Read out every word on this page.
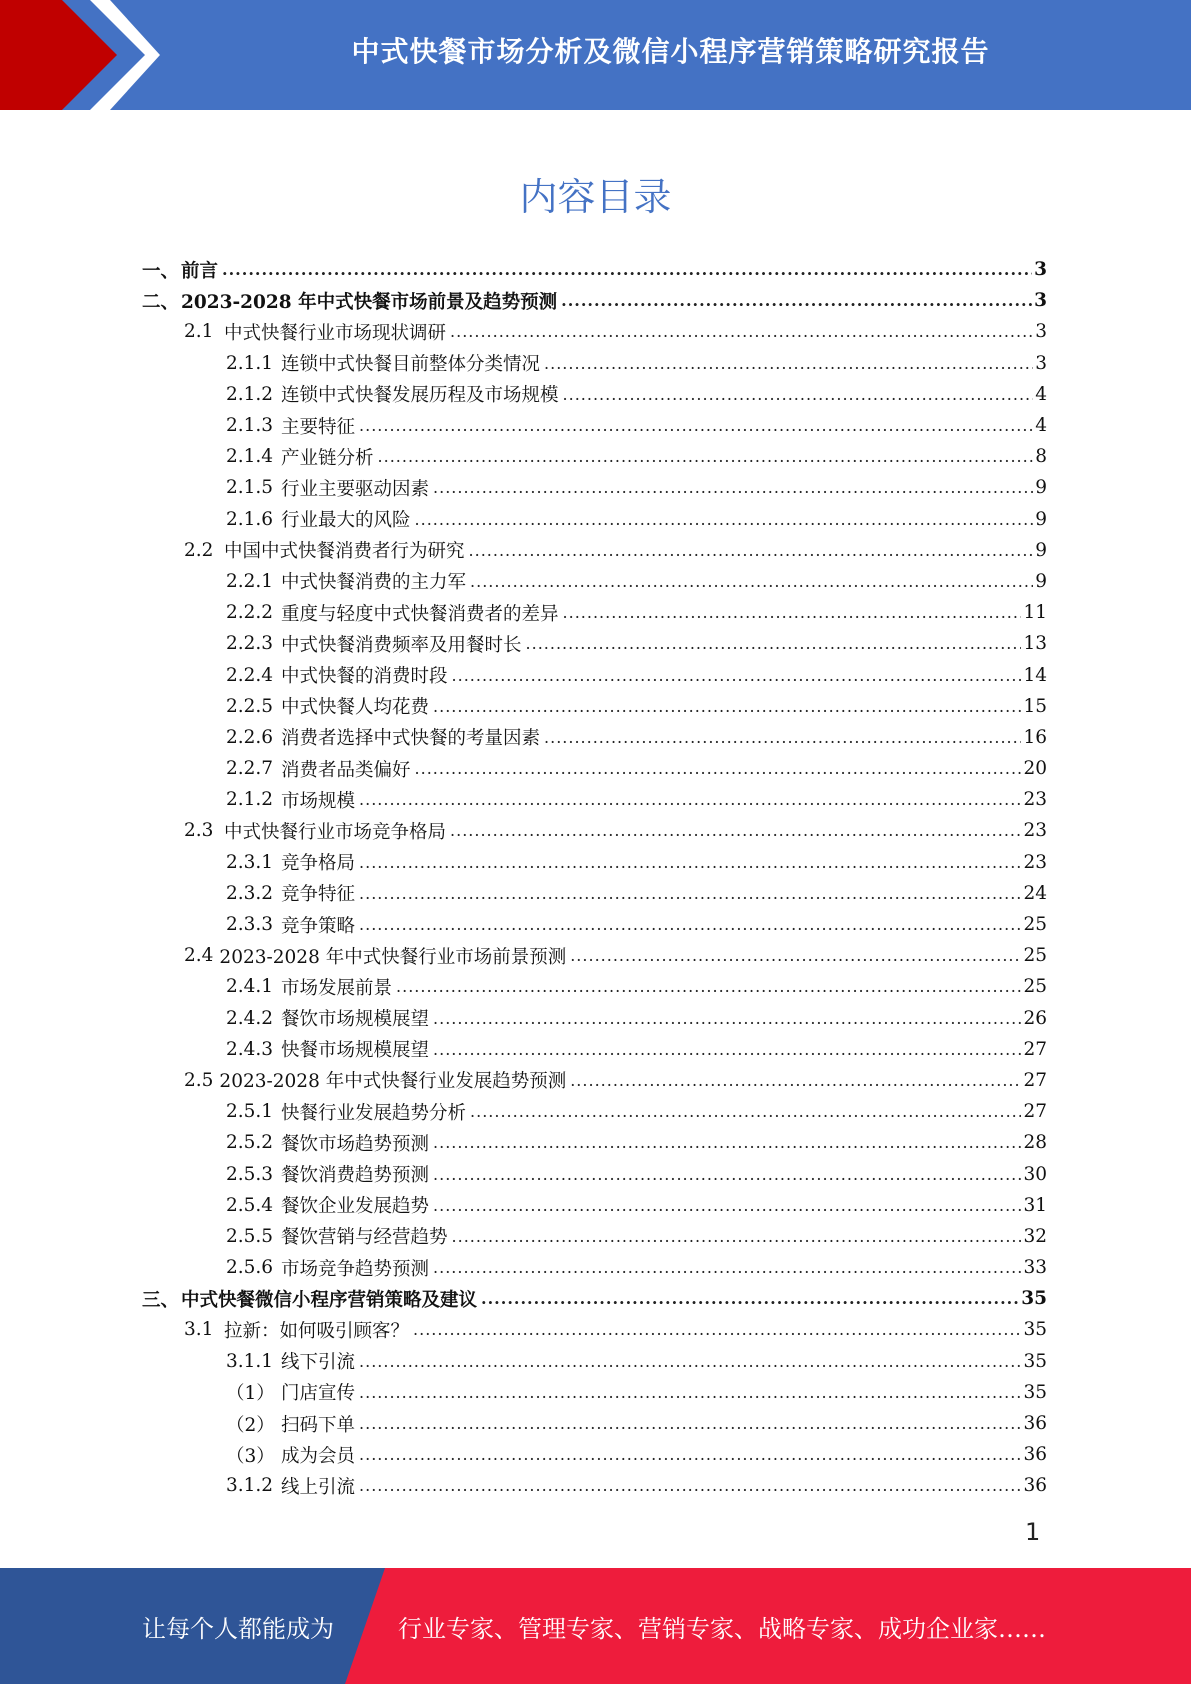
中式快餐市场分析及微信小程序营销策略研究报告
内容目录
一、 前言 .....	3
二、 2023-2028 年中式快餐市场前景及趋势预测 .....	3
2.1 中式快餐行业市场现状调研 .....	3
2.1.1 连锁中式快餐目前整体分类情况 .....	3
2.1.2 连锁中式快餐发展历程及市场规模 .....	4
2.1.3 主要特征 .....	4
2.1.4 产业链分析 .....	8
2.1.5 行业主要驱动因素 .....	9
2.1.6 行业最大的风险 .....	9
2.2 中国中式快餐消费者行为研究 .....	9
2.2.1 中式快餐消费的主力军 .....	9
2.2.2 重度与轻度中式快餐消费者的差异 .....	11
2.2.3 中式快餐消费频率及用餐时长 .....	13
2.2.4 中式快餐的消费时段 .....	14
2.2.5 中式快餐人均花费 .....	15
2.2.6 消费者选择中式快餐的考量因素 .....	16
2.2.7 消费者品类偏好 .....	20
2.1.2 市场规模 .....	23
2.3 中式快餐行业市场竞争格局 .....	23
2.3.1 竞争格局 .....	23
2.3.2 竞争特征 .....	24
2.3.3 竞争策略 .....	25
2.4 2023-2028 年中式快餐行业市场前景预测 .....	25
2.4.1 市场发展前景 .....	25
2.4.2 餐饮市场规模展望 .....	26
2.4.3 快餐市场规模展望 .....	27
2.5 2023-2028 年中式快餐行业发展趋势预测 .....	27
2.5.1 快餐行业发展趋势分析 .....	27
2.5.2 餐饮市场趋势预测 .....	28
2.5.3 餐饮消费趋势预测 .....	30
2.5.4 餐饮企业发展趋势 .....	31
2.5.5 餐饮营销与经营趋势 .....	32
2.5.6 市场竞争趋势预测 .....	33
三、 中式快餐微信小程序营销策略及建议 .....	35
3.1 拉新：如何吸引顾客？ .....	35
3.1.1 线下引流 .....	35
（1） 门店宣传 .....	35
（2） 扫码下单 .....	36
（3） 成为会员 .....	36
3.1.2 线上引流 .....	36
1
让每个人都能成为	行业专家、管理专家、营销专家、战略专家、成功企业家……
